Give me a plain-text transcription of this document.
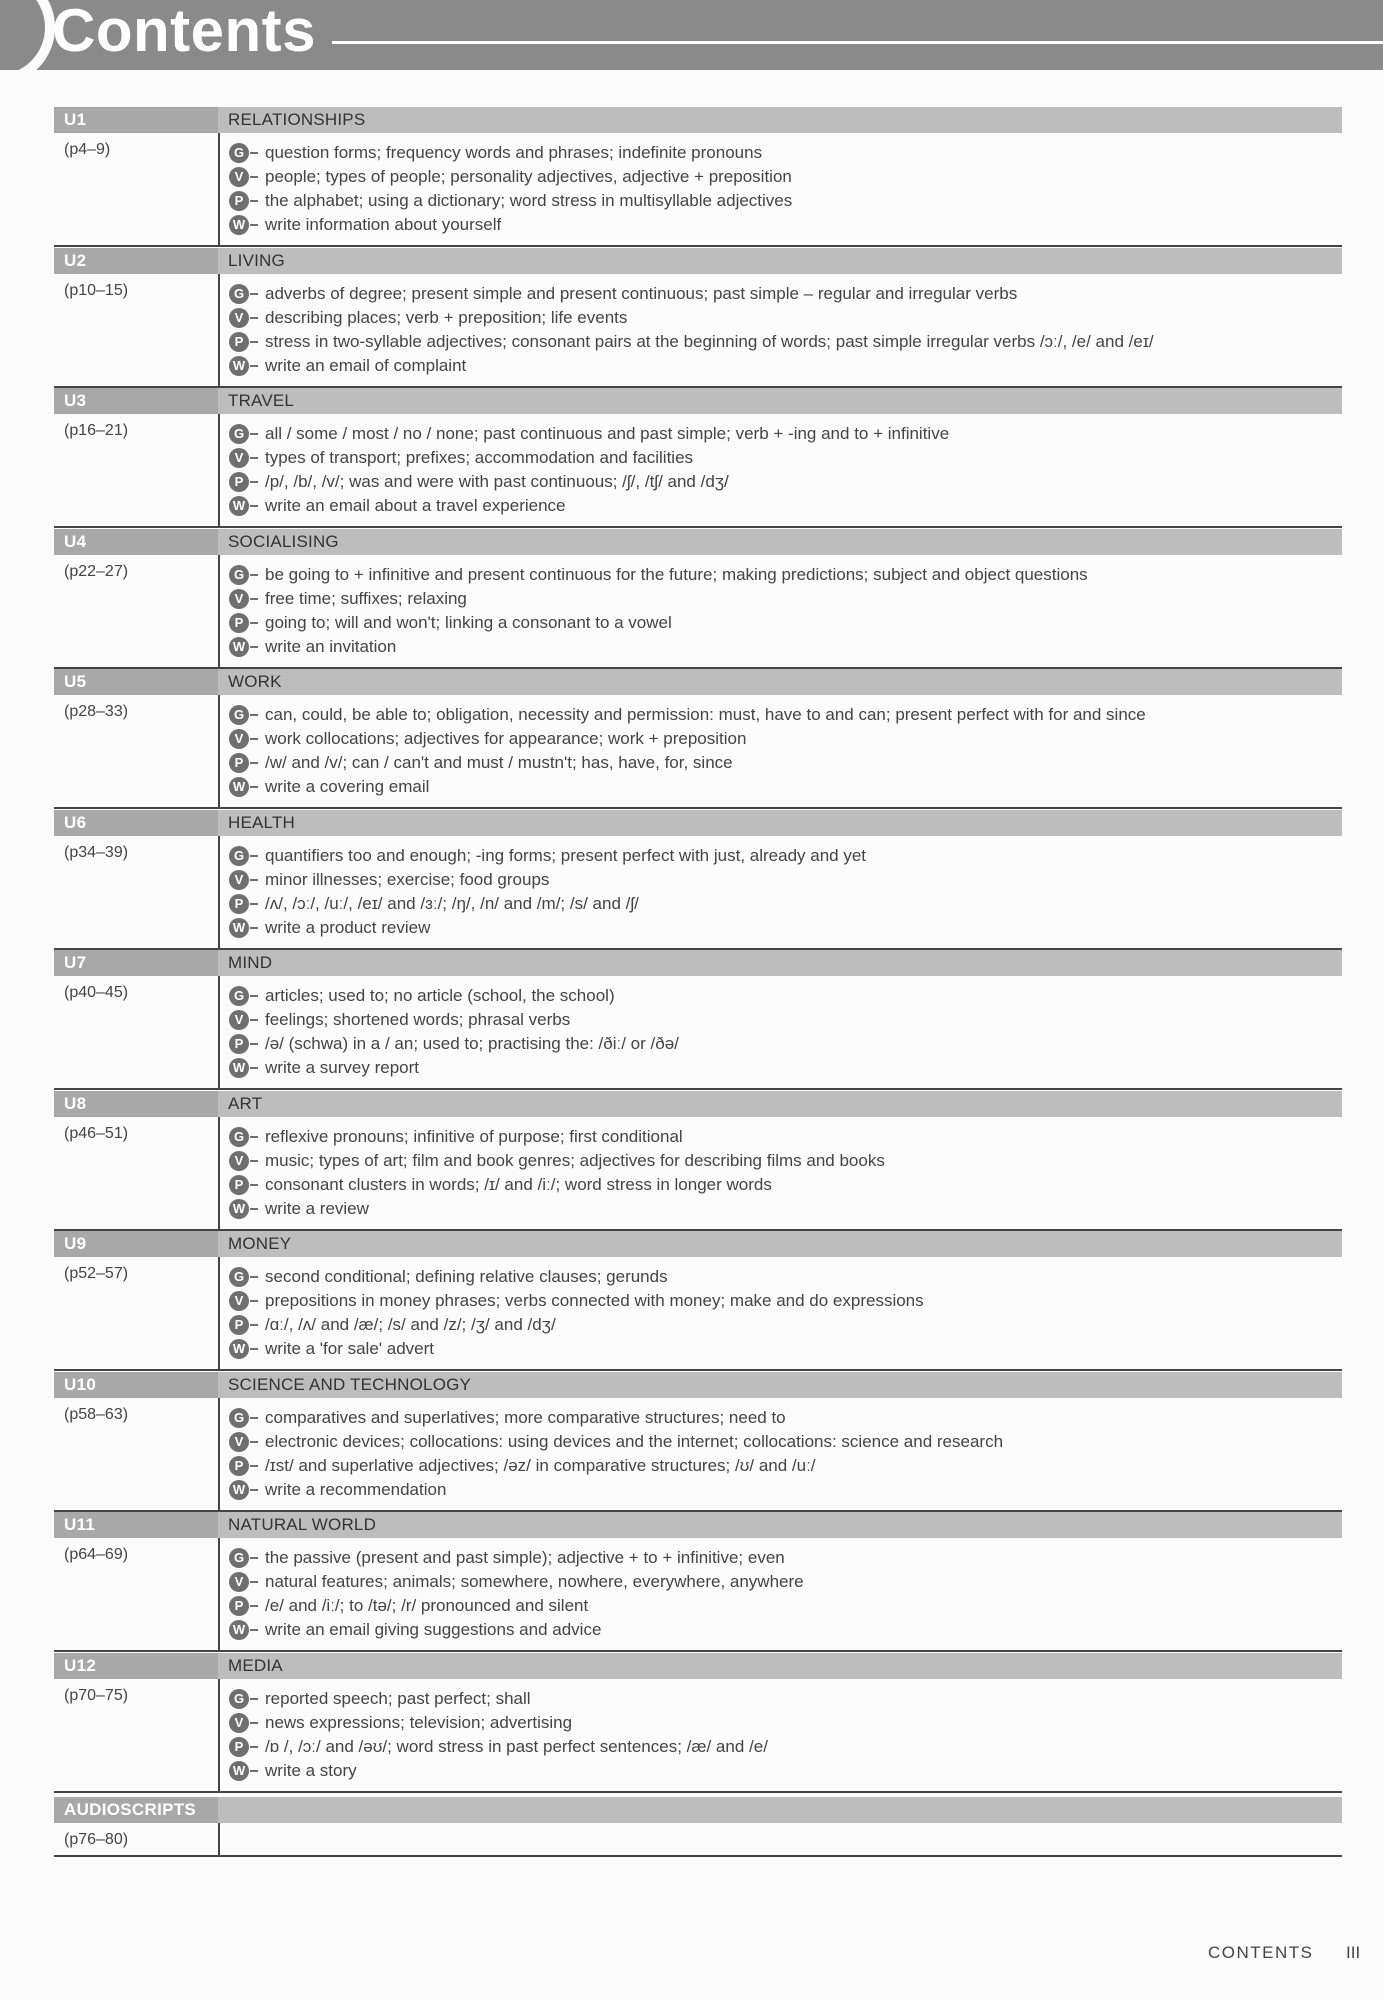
Contents
U1	RELATIONSHIPS
(p4–9)	G question forms; frequency words and phrases; indefinite pronouns
V	people; types of people; personality adjectives, adjective + preposition
P	the alphabet; using a dictionary; word stress in multisyllable adjectives
W write information about yourself
U2	LIVING
(p10–15)	G adverbs of degree; present simple and present continuous; past simple – regular and irregular verbs
V	describing places; verb + preposition; life events
P	stress in two-syllable adjectives; consonant pairs at the beginning of words; past simple irregular verbs /ɔː/, /e/ and /eɪ/
W write an email of complaint
U3	TRAVEL
(p16–21)	G all / some / most / no / none; past continuous and past simple; verb + -ing and to + infinitive
V	types of transport; prefixes; accommodation and facilities
P	/p/, /b/, /v/; was and were with past continuous; /ʃ/, /tʃ/ and /dʒ/
W write an email about a travel experience
U4	SOCIALISING
(p22–27)	G be going to + infinitive and present continuous for the future; making predictions; subject and object questions
V	free time; suffixes; relaxing
P	going to; will and won't; linking a consonant to a vowel
W write an invitation
U5	WORK
(p28–33)	G can, could, be able to; obligation, necessity and permission: must, have to and can; present perfect with for and since
V	work collocations; adjectives for appearance; work + preposition
P	/w/ and /v/; can / can't and must / mustn't; has, have, for, since
W write a covering email
U6	HEALTH
(p34–39)	G quantifiers too and enough; -ing forms; present perfect with just, already and yet
V	minor illnesses; exercise; food groups
P	/ʌ/, /ɔː/, /uː/, /eɪ/ and /ɜː/; /ŋ/, /n/ and /m/; /s/ and /ʃ/
W write a product review
U7	MIND
(p40–45)	G articles; used to; no article (school, the school)
V	feelings; shortened words; phrasal verbs
P	/ə/ (schwa) in a / an; used to; practising the: /ðiː/ or /ðə/
W write a survey report
U8	ART
(p46–51)	G reflexive pronouns; infinitive of purpose; first conditional
V	music; types of art; film and book genres; adjectives for describing films and books
P	consonant clusters in words; /ɪ/ and /iː/; word stress in longer words
W write a review
U9	MONEY
(p52–57)	G second conditional; defining relative clauses; gerunds
V	prepositions in money phrases; verbs connected with money; make and do expressions
P	/ɑː/, /ʌ/ and /æ/; /s/ and /z/; /ʒ/ and /dʒ/
W write a 'for sale' advert
U10	SCIENCE AND TECHNOLOGY
(p58–63)	G comparatives and superlatives; more comparative structures; need to
V	electronic devices; collocations: using devices and the internet; collocations: science and research
P	/ɪst/ and superlative adjectives; /əz/ in comparative structures; /ʊ/ and /uː/
W write a recommendation
U11	NATURAL WORLD
(p64–69)	G the passive (present and past simple); adjective + to + infinitive; even
V	natural features; animals; somewhere, nowhere, everywhere, anywhere
P	/e/ and /iː/; to /tə/; /r/ pronounced and silent
W write an email giving suggestions and advice
U12	MEDIA
(p70–75)	G reported speech; past perfect; shall
V	news expressions; television; advertising
P	/ɒ /, /ɔː/ and /əʊ/; word stress in past perfect sentences; /æ/ and /e/
W write a story
AUDIOSCRIPTS
(p76–80)
CONTENTS III
